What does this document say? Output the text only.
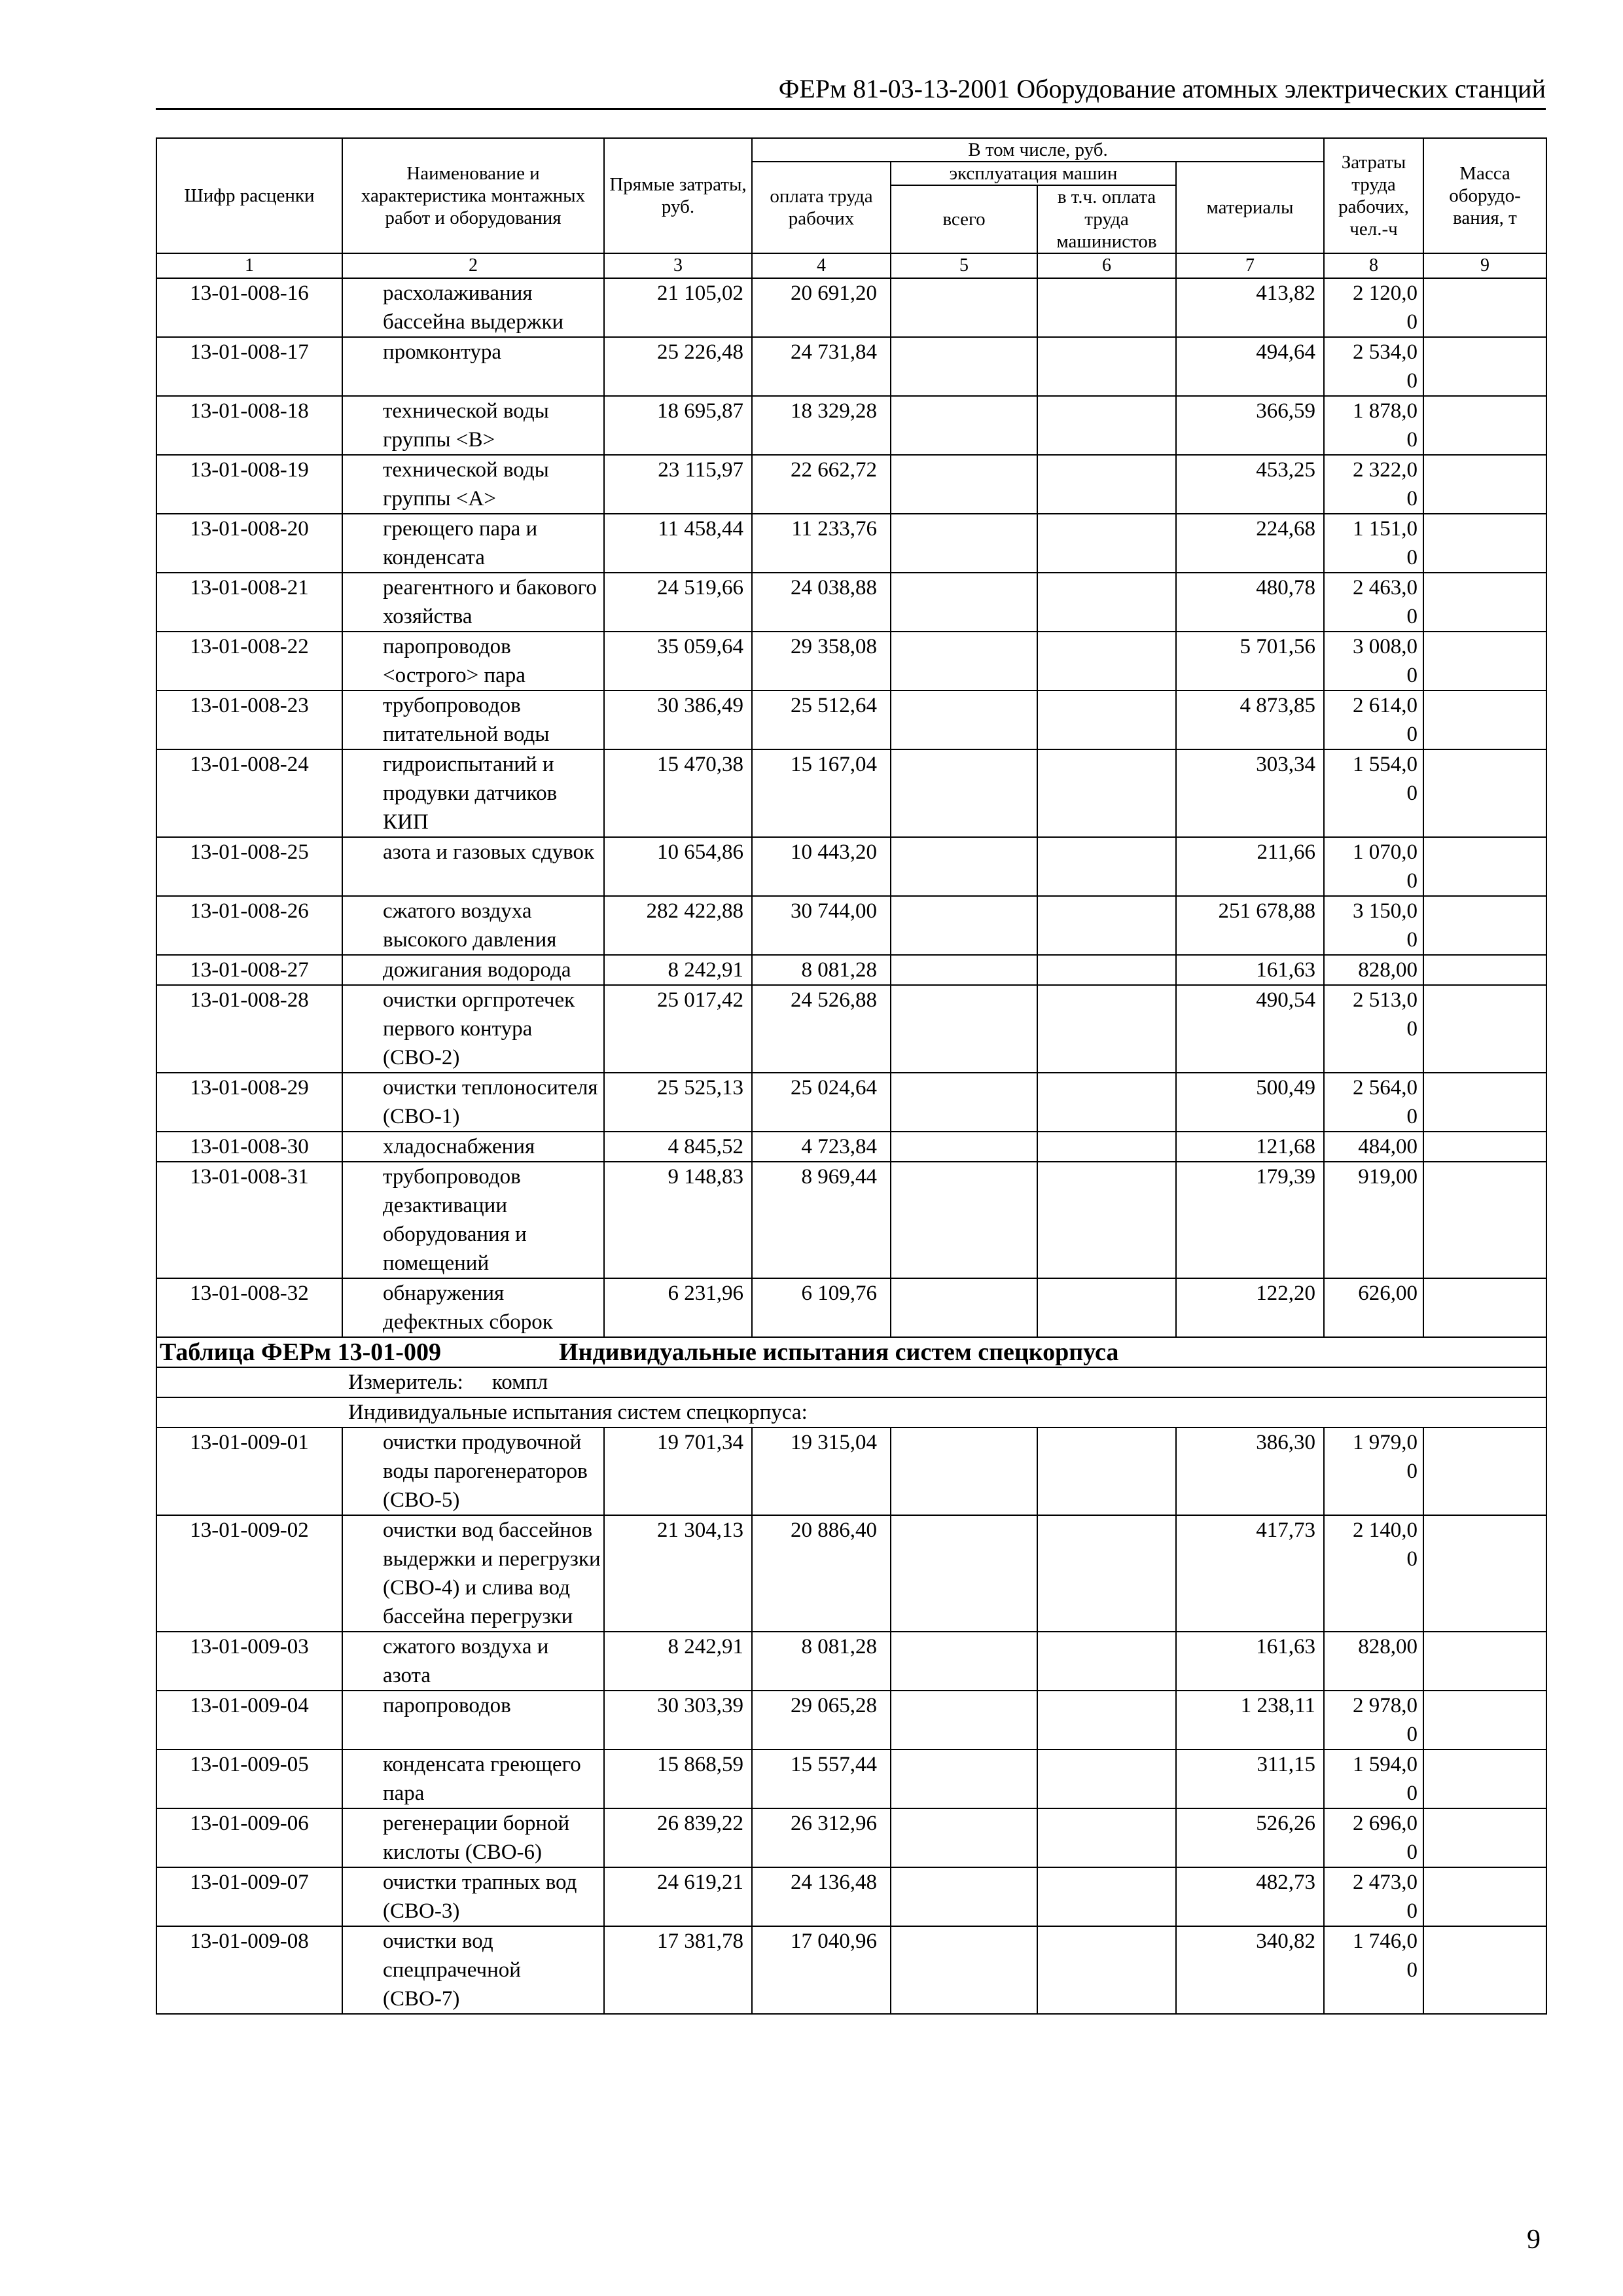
ФЕРм 81-03-13-2001 Оборудование атомных электрических станций
Шифр расценки	Наименование и характеристика монтажных работ и оборудования	Прямые затраты, руб.	В том числе, руб.				Затраты труда рабочих, чел.-ч	Масса оборудо-вания, т
			оплата труда рабочих	эксплуатация машин		материалы		
				всего	в т.ч. оплата труда машинистов			
1	2	3	4	5	6	7	8	9
13-01-008-16	расхолаживания бассейна выдержки	21 105,02	20 691,20			413,82	2 120,0
0	
13-01-008-17	промконтура	25 226,48	24 731,84			494,64	2 534,0
0	
13-01-008-18	технической воды группы <В>	18 695,87	18 329,28			366,59	1 878,0
0	
13-01-008-19	технической воды группы <А>	23 115,97	22 662,72			453,25	2 322,0
0	
13-01-008-20	греющего пара и конденсата	11 458,44	11 233,76			224,68	1 151,0
0	
13-01-008-21	реагентного и бакового хозяйства	24 519,66	24 038,88			480,78	2 463,0
0	
13-01-008-22	паропроводов <острого> пара	35 059,64	29 358,08			5 701,56	3 008,0
0	
13-01-008-23	трубопроводов питательной воды	30 386,49	25 512,64			4 873,85	2 614,0
0	
13-01-008-24	гидроиспытаний и продувки датчиков КИП	15 470,38	15 167,04			303,34	1 554,0
0	
13-01-008-25	азота и газовых сдувок	10 654,86	10 443,20			211,66	1 070,0
0	
13-01-008-26	сжатого воздуха высокого давления	282 422,88	30 744,00			251 678,88	3 150,0
0	
13-01-008-27	дожигания водорода	8 242,91	8 081,28			161,63	828,00	
13-01-008-28	очистки оргпротечек первого контура (СВО-2)	25 017,42	24 526,88			490,54	2 513,0
0	
13-01-008-29	очистки теплоносителя (СВО-1)	25 525,13	25 024,64			500,49	2 564,0
0	
13-01-008-30	хладоснабжения	4 845,52	4 723,84			121,68	484,00	
13-01-008-31	трубопроводов дезактивации оборудования и помещений	9 148,83	8 969,44			179,39	919,00	
13-01-008-32	обнаружения дефектных сборок	6 231,96	6 109,76			122,20	626,00	
Таблица ФЕРм 13-01-009 Индивидуальные испытания систем спецкорпуса								
Измеритель: компл								
Индивидуальные испытания систем спецкорпуса:								
13-01-009-01	очистки продувочной воды парогенераторов (СВО-5)	19 701,34	19 315,04			386,30	1 979,0
0	
13-01-009-02	очистки вод бассейнов выдержки и перегрузки (СВО-4) и слива вод бассейна перегрузки	21 304,13	20 886,40			417,73	2 140,0
0	
13-01-009-03	сжатого воздуха и азота	8 242,91	8 081,28			161,63	828,00	
13-01-009-04	паропроводов	30 303,39	29 065,28			1 238,11	2 978,0
0	
13-01-009-05	конденсата греющего пара	15 868,59	15 557,44			311,15	1 594,0
0	
13-01-009-06	регенерации борной кислоты (СВО-6)	26 839,22	26 312,96			526,26	2 696,0
0	
13-01-009-07	очистки трапных вод (СВО-3)	24 619,21	24 136,48			482,73	2 473,0
0	
13-01-009-08	очистки вод спецпрачечной (СВО-7)	17 381,78	17 040,96			340,82	1 746,0
0	
9
